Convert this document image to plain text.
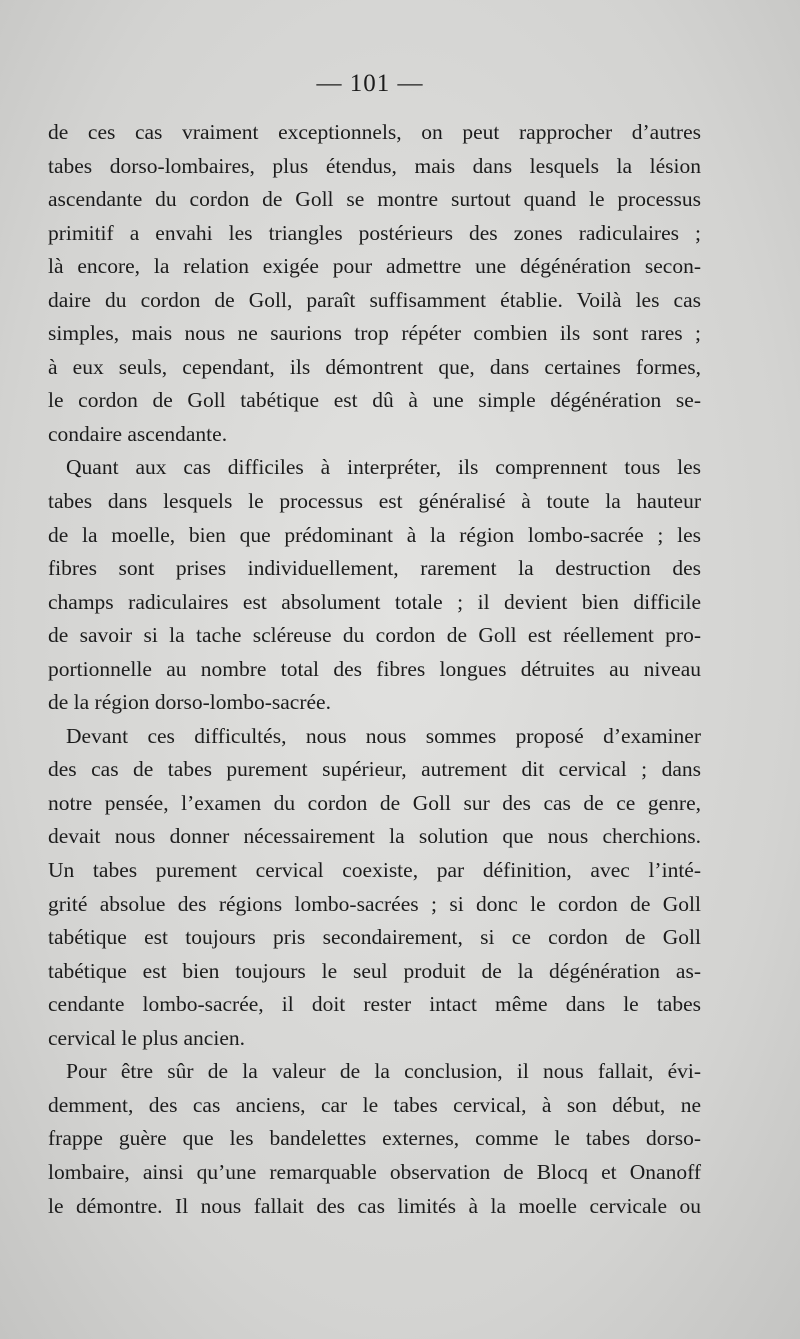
— 101 —

de ces cas vraiment exceptionnels, on peut rapprocher d’autres
tabes dorso-lombaires, plus étendus, mais dans lesquels la lésion
ascendante du cordon de Goll se montre surtout quand le processus
primitif a envahi les triangles postérieurs des zones radiculaires ;
là encore, la relation exigée pour admettre une dégénération secon-
daire du cordon de Goll, paraît suffisamment établie. Voilà les cas
simples, mais nous ne saurions trop répéter combien ils sont rares ;
à eux seuls, cependant, ils démontrent que, dans certaines formes,
le cordon de Goll tabétique est dû à une simple dégénération se-
condaire ascendante.

Quant aux cas difficiles à interpréter, ils comprennent tous les
tabes dans lesquels le processus est généralisé à toute la hauteur
de la moelle, bien que prédominant à la région lombo-sacrée ; les
fibres sont prises individuellement, rarement la destruction des
champs radiculaires est absolument totale ; il devient bien difficile
de savoir si la tache scléreuse du cordon de Goll est réellement pro-
portionnelle au nombre total des fibres longues détruites au niveau
de la région dorso-lombo-sacrée.

Devant ces difficultés, nous nous sommes proposé d’examiner
des cas de tabes purement supérieur, autrement dit cervical ; dans
notre pensée, l’examen du cordon de Goll sur des cas de ce genre,
devait nous donner nécessairement la solution que nous cherchions.
Un tabes purement cervical coexiste, par définition, avec l’inté-
grité absolue des régions lombo-sacrées ; si donc le cordon de Goll
tabétique est toujours pris secondairement, si ce cordon de Goll
tabétique est bien toujours le seul produit de la dégénération as-
cendante lombo-sacrée, il doit rester intact même dans le tabes
cervical le plus ancien.

Pour être sûr de la valeur de la conclusion, il nous fallait, évi-
demment, des cas anciens, car le tabes cervical, à son début, ne
frappe guère que les bandelettes externes, comme le tabes dorso-
lombaire, ainsi qu’une remarquable observation de Blocq et Onanoff
le démontre. Il nous fallait des cas limités à la moelle cervicale ou
